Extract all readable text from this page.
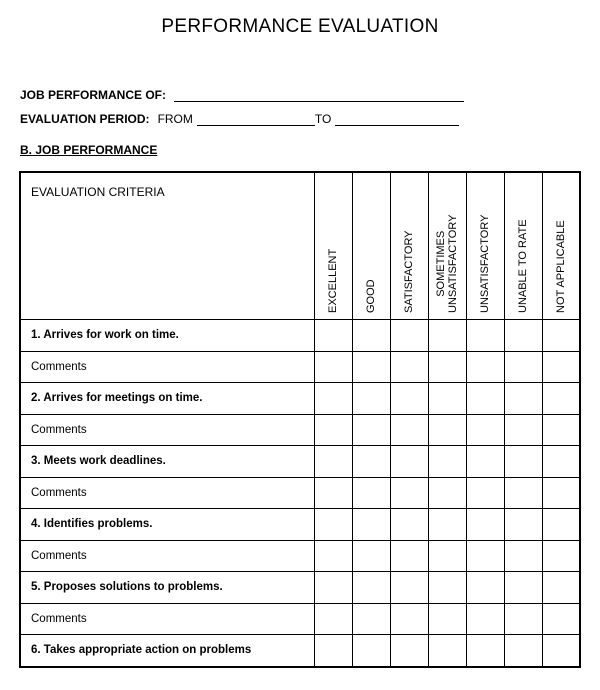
PERFORMANCE EVALUATION
JOB PERFORMANCE OF:
EVALUATION PERIOD: FROM	TO
B. JOB PERFORMANCE
EVALUATION CRITERIA	EXCELLENT	GOOD	SATISFACTORY	SOMETIMES UNSATISFACTORY	UNSATISFACTORY	UNABLE TO RATE	NOT APPLICABLE

1. Arrives for work on time.							
Comments							
2. Arrives for meetings on time.							
Comments							
3. Meets work deadlines.							
Comments							
4. Identifies problems.							
Comments							
5. Proposes solutions to problems.							
Comments							
6. Takes appropriate action on problems							
